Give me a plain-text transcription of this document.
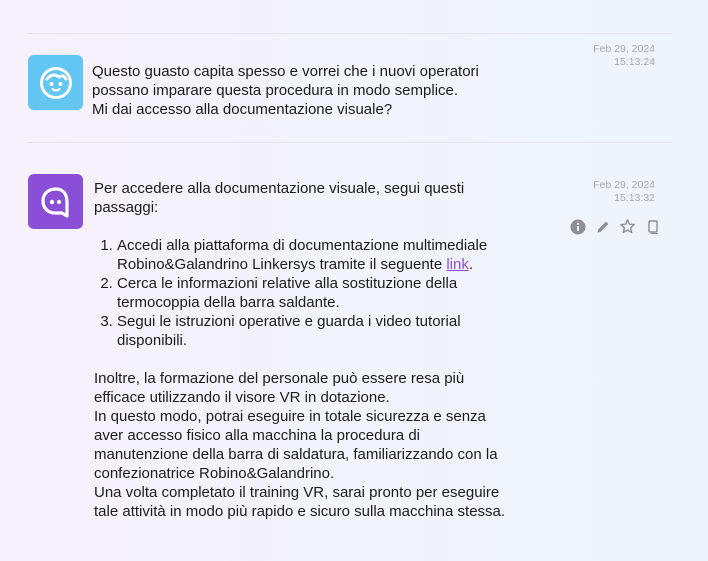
Questo guasto capita spesso e vorrei che i nuovi operatori
possano imparare questa procedura in modo semplice.
Mi dai accesso alla documentazione visuale?
Feb 29, 2024
15:13:24
Per accedere alla documentazione visuale, segui questi
passaggi:
1. Accedi alla piattaforma di documentazione multimediale
Robino&Galandrino Linkersys tramite il seguente link.
2. Cerca le informazioni relative alla sostituzione della
termocoppia della barra saldante.
3. Segui le istruzioni operative e guarda i video tutorial
disponibili.
Inoltre, la formazione del personale può essere resa più
efficace utilizzando il visore VR in dotazione.
In questo modo, potrai eseguire in totale sicurezza e senza
aver accesso fisico alla macchina la procedura di
manutenzione della barra di saldatura, familiarizzando con la
confezionatrice Robino&Galandrino.
Una volta completato il training VR, sarai pronto per eseguire
tale attività in modo più rapido e sicuro sulla macchina stessa.
Feb 29, 2024
15:13:32
